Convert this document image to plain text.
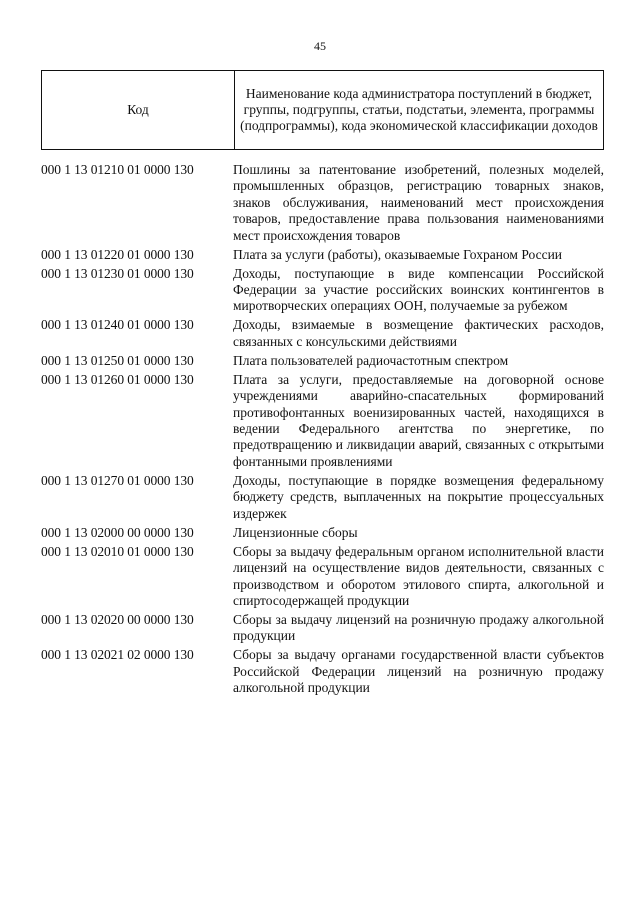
45
Код	Наименование кода администратора поступлений в бюджет, группы, подгруппы, статьи, подстатьи, элемента, программы (подпрограммы), кода экономической классификации доходов
000 1 13 01210 01 0000 130	Пошлины за патентование изобретений, полезных моделей, промышленных образцов, регистрацию товарных знаков, знаков обслуживания, наименований мест происхождения товаров, предоставление права пользования наименованиями мест происхождения товаров
000 1 13 01220 01 0000 130	Плата за услуги (работы), оказываемые Гохраном России
000 1 13 01230 01 0000 130	Доходы, поступающие в виде компенсации Российской Федерации за участие российских воинских контингентов в миротворческих операциях ООН, получаемые за рубежом
000 1 13 01240 01 0000 130	Доходы, взимаемые в возмещение фактических расходов, связанных с консульскими действиями
000 1 13 01250 01 0000 130	Плата пользователей радиочастотным спектром
000 1 13 01260 01 0000 130	Плата за услуги, предоставляемые на договорной основе учреждениями аварийно-спасательных формирований противофонтанных военизированных частей, находящихся в ведении Федерального агентства по энергетике, по предотвращению и ликвидации аварий, связанных с открытыми фонтанными проявлениями
000 1 13 01270 01 0000 130	Доходы, поступающие в порядке возмещения федеральному бюджету средств, выплаченных на покрытие процессуальных издержек
000 1 13 02000 00 0000 130	Лицензионные сборы
000 1 13 02010 01 0000 130	Сборы за выдачу федеральным органом исполнительной власти лицензий на осуществление видов деятельности, связанных с производством и оборотом этилового спирта, алкогольной и спиртосодержащей продукции
000 1 13 02020 00 0000 130	Сборы за выдачу лицензий на розничную продажу алкогольной продукции
000 1 13 02021 02 0000 130	Сборы за выдачу органами государственной власти субъектов Российской Федерации лицензий на розничную продажу алкогольной продукции
